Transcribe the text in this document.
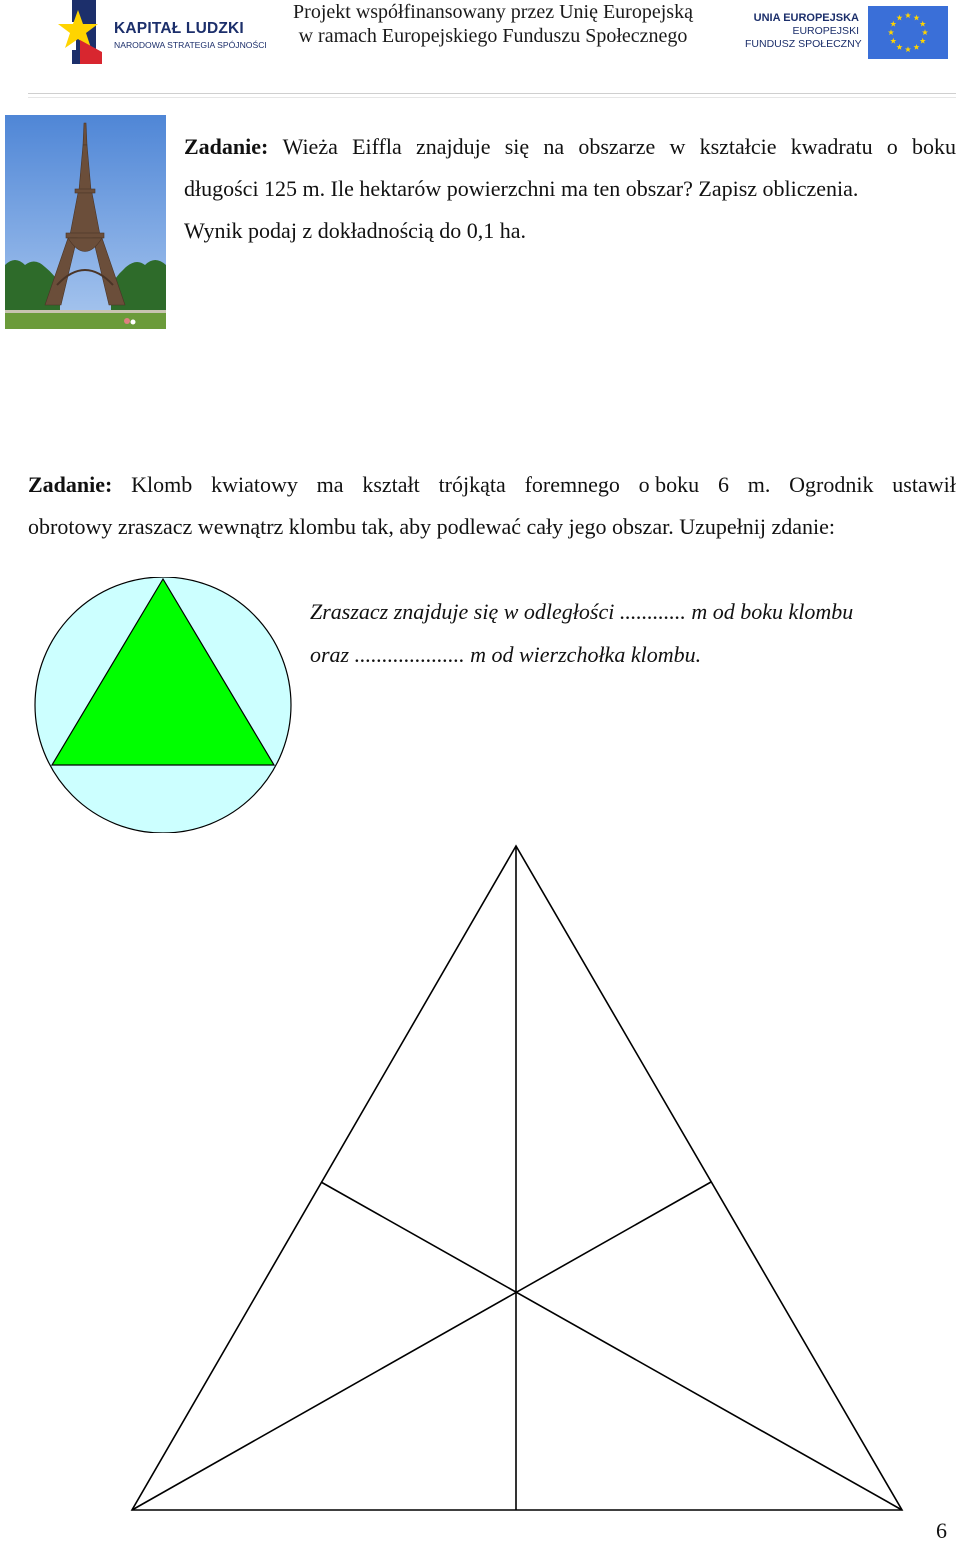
KAPITAŁ LUDZKI
NARODOWA STRATEGIA SPÓJNOŚCI
Projekt współfinansowany przez Unię Europejską
w ramach Europejskiego Funduszu Społecznego
UNIA EUROPEJSKA
EUROPEJSKI
FUNDUSZ SPOŁECZNY
Zadanie: Wieża Eiffla znajduje się na obszarze w kształcie kwadratu o boku
długości 125 m. Ile hektarów powierzchni ma ten obszar? Zapisz obliczenia.
Wynik podaj z dokładnością do 0,1 ha.
Zadanie: Klomb kwiatowy ma kształt trójkąta foremnego o boku 6 m. Ogrodnik ustawił
obrotowy zraszacz wewnątrz klombu tak, aby podlewać cały jego obszar. Uzupełnij zdanie:
Zraszacz znajduje się w odległości ............ m od boku klombu
oraz .................... m od wierzchołka klombu.
6
